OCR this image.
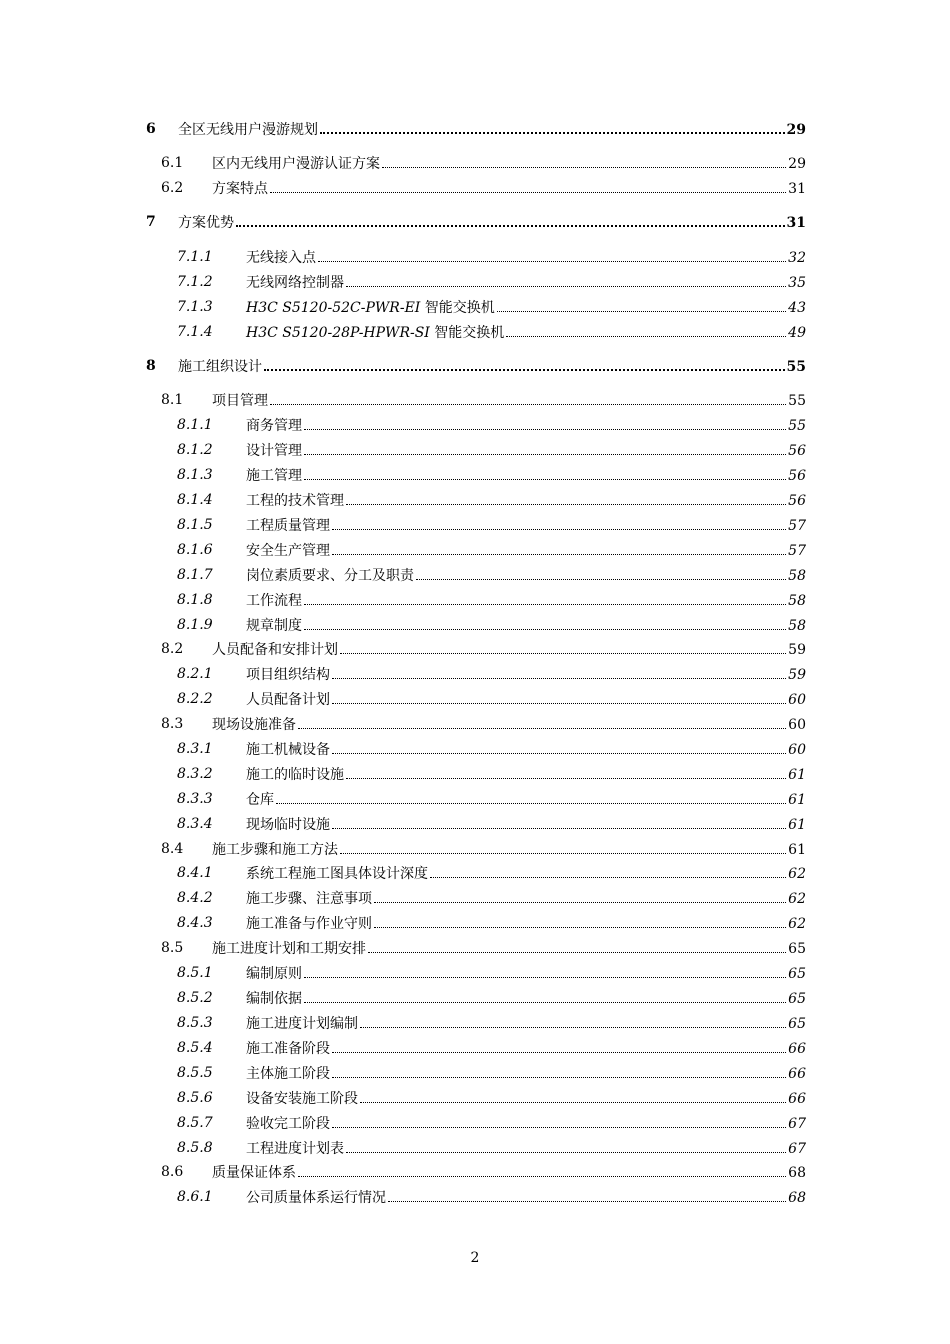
6 全区无线用户漫游规划	29
6.1 区内无线用户漫游认证方案	29
6.2 方案特点	31
7 方案优势	31
7.1.1 无线接入点	32
7.1.2 无线网络控制器	35
7.1.3 H3C S5120-52C-PWR-EI 智能交换机	43
7.1.4 H3C S5120-28P-HPWR-SI 智能交换机	49
8 施工组织设计	55
8.1 项目管理	55
8.1.1 商务管理	55
8.1.2 设计管理	56
8.1.3 施工管理	56
8.1.4 工程的技术管理	56
8.1.5 工程质量管理	57
8.1.6 安全生产管理	57
8.1.7 岗位素质要求、分工及职责	58
8.1.8 工作流程	58
8.1.9 规章制度	58
8.2 人员配备和安排计划	59
8.2.1 项目组织结构	59
8.2.2 人员配备计划	60
8.3 现场设施准备	60
8.3.1 施工机械设备	60
8.3.2 施工的临时设施	61
8.3.3 仓库	61
8.3.4 现场临时设施	61
8.4 施工步骤和施工方法	61
8.4.1 系统工程施工图具体设计深度	62
8.4.2 施工步骤、注意事项	62
8.4.3 施工准备与作业守则	62
8.5 施工进度计划和工期安排	65
8.5.1 编制原则	65
8.5.2 编制依据	65
8.5.3 施工进度计划编制	65
8.5.4 施工准备阶段	66
8.5.5 主体施工阶段	66
8.5.6 设备安装施工阶段	66
8.5.7 验收完工阶段	67
8.5.8 工程进度计划表	67
8.6 质量保证体系	68
8.6.1 公司质量体系运行情况	68
2
